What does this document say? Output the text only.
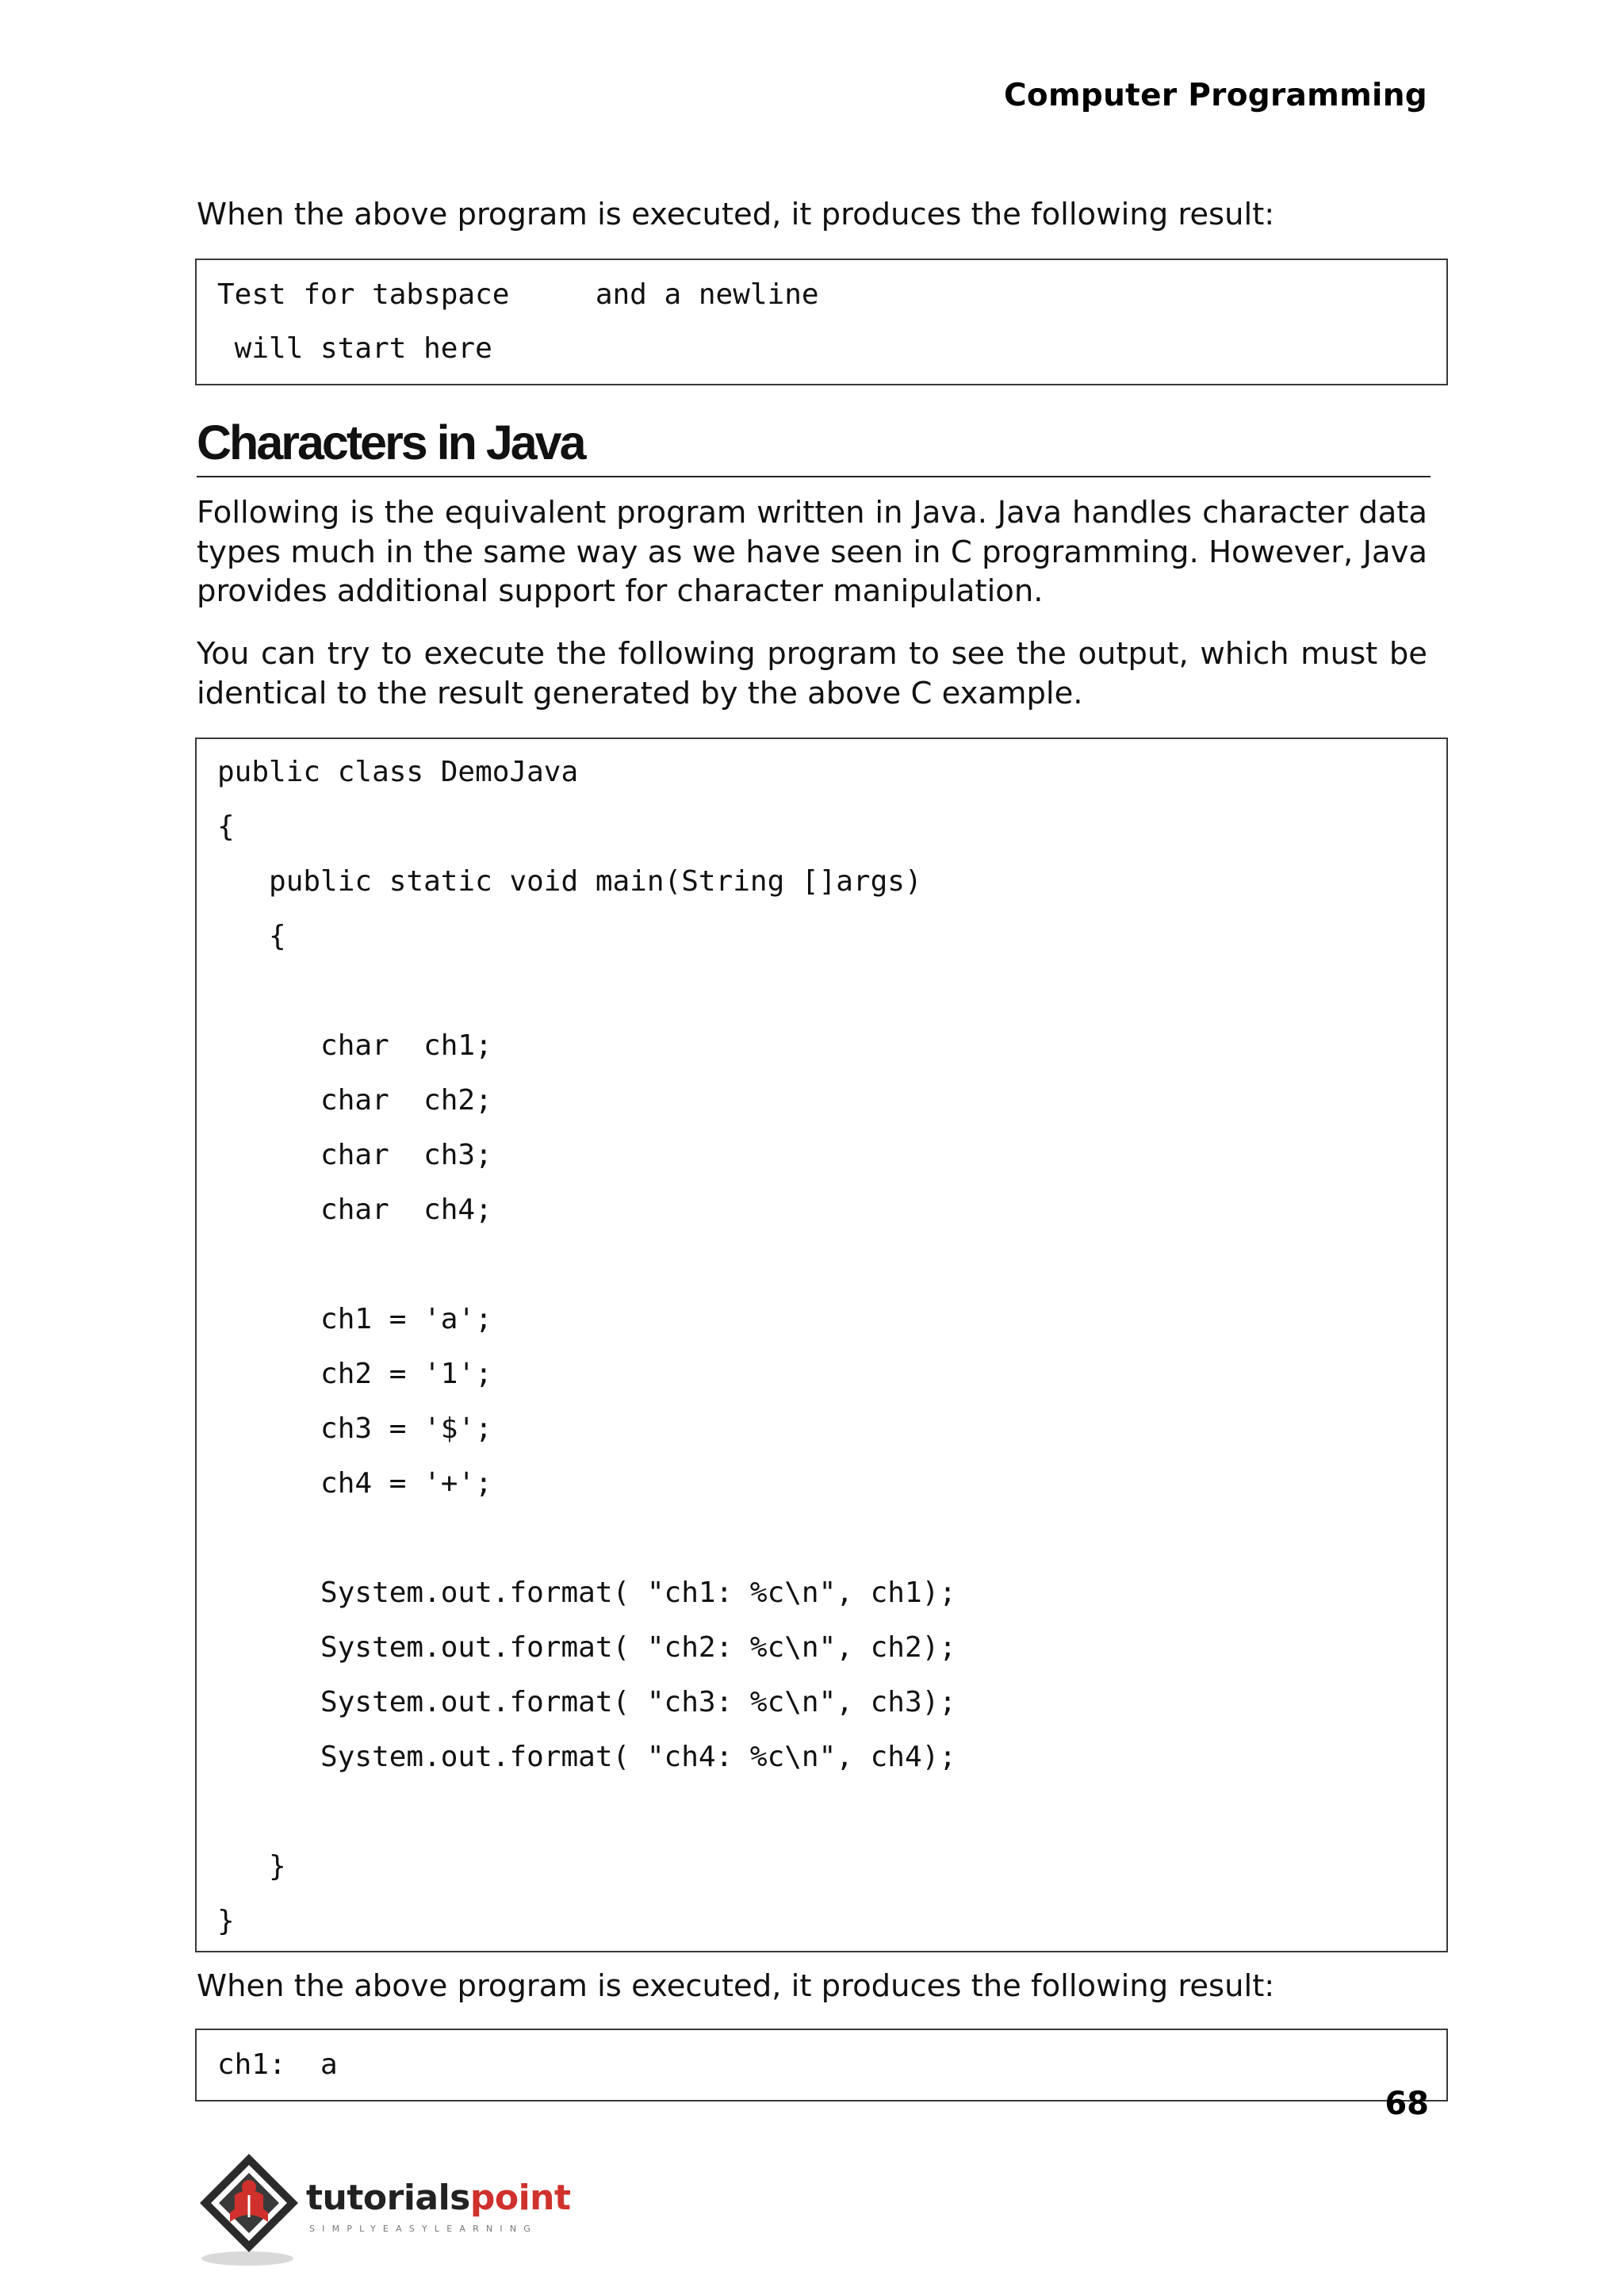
Computer Programming

When the above program is executed, it produces the following result:

Test for tabspace     and a newline
will start here
Characters in Java

Following is the equivalent program written in Java. Java handles character data types much in the same way as we have seen in C programming. However, Java provides additional support for character manipulation.

You can try to execute the following program to see the output, which must be identical to the result generated by the above C example.

public class DemoJava
{
public static void main(String []args)
{
char  ch1;
char  ch2;
char  ch3;
char  ch4;
ch1 = 'a';
ch2 = '1';
ch3 = '$';
ch4 = '+';
System.out.format( "ch1: %c\n", ch1);
System.out.format( "ch2: %c\n", ch2);
System.out.format( "ch3: %c\n", ch3);
System.out.format( "ch4: %c\n", ch4);
}
}

When the above program is executed, it produces the following result:

ch1:  a
68
tutorialspoint
SIMPLYEASYLEARNING
